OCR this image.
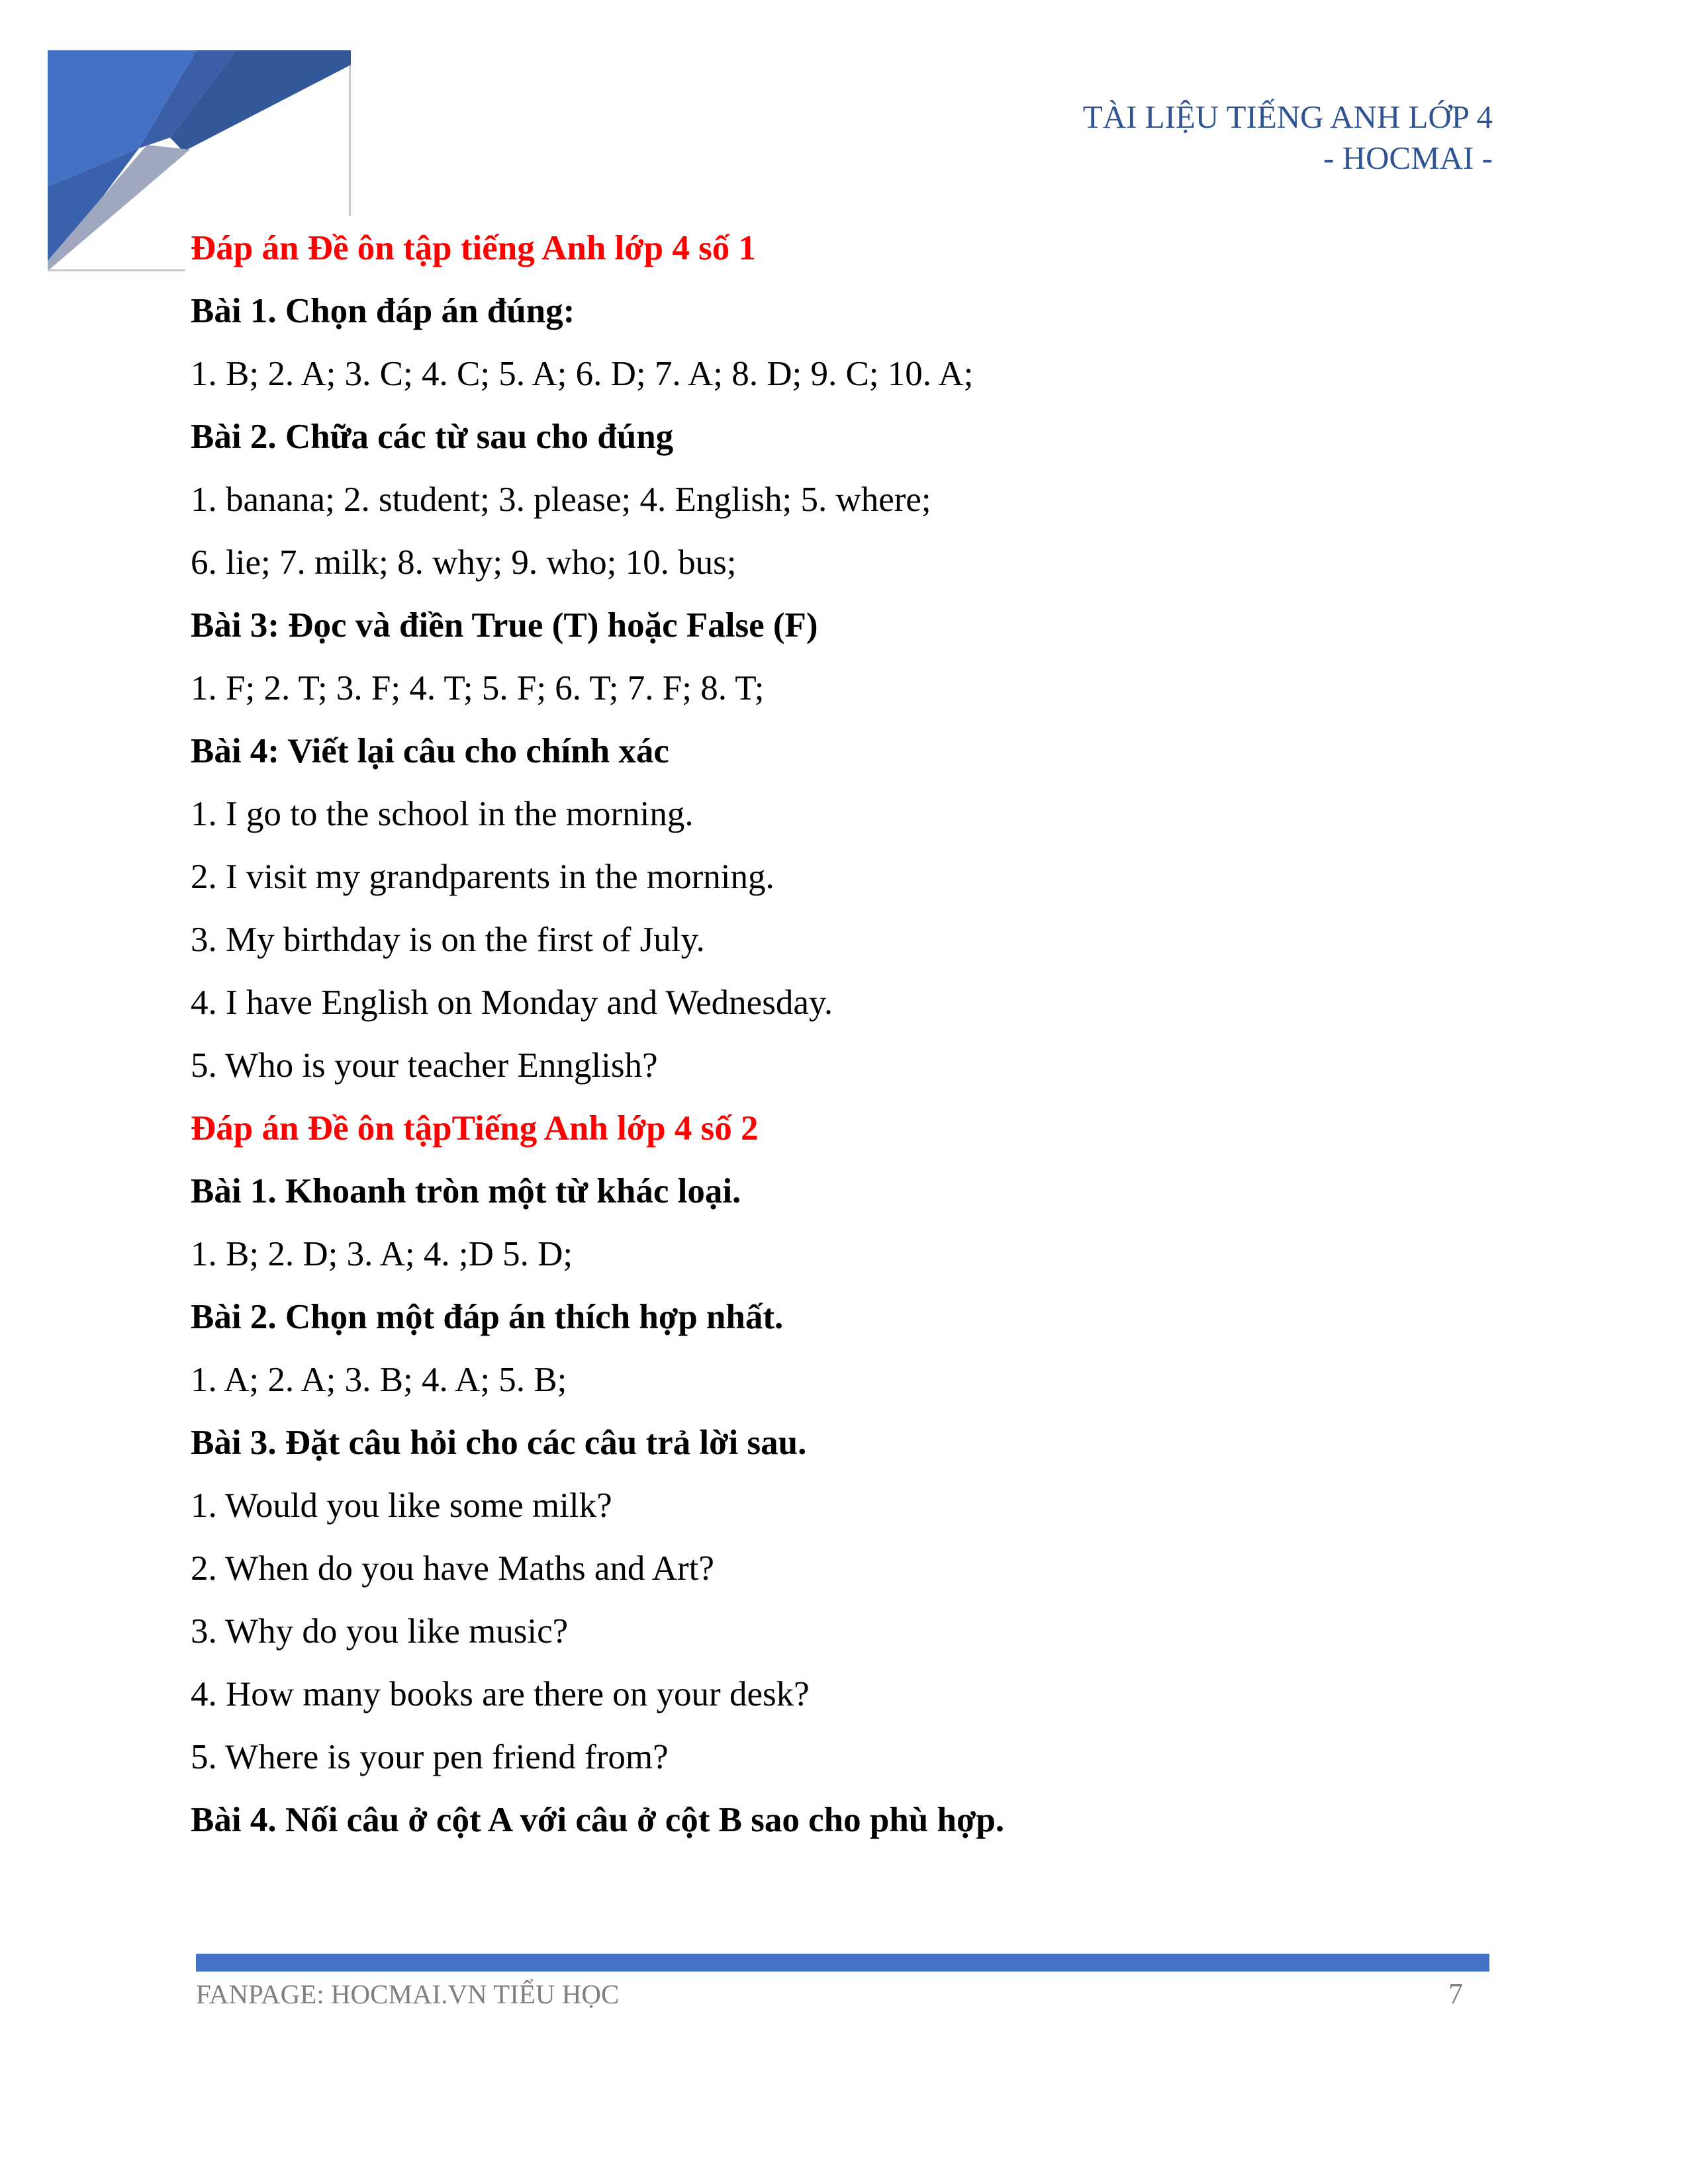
TÀI LIỆU TIẾNG ANH LỚP 4
- HOCMAI -

Đáp án Đề ôn tập tiếng Anh lớp 4 số 1

Bài 1. Chọn đáp án đúng:

1. B; 2. A; 3. C; 4. C; 5. A; 6. D; 7. A; 8. D; 9. C; 10. A;

Bài 2. Chữa các từ sau cho đúng

1. banana; 2. student; 3. please; 4. English; 5. where;

6. lie; 7. milk; 8. why; 9. who; 10. bus;

Bài 3: Đọc và điền True (T) hoặc False (F)

1. F; 2. T; 3. F; 4. T; 5. F; 6. T; 7. F; 8. T;

Bài 4: Viết lại câu cho chính xác

1. I go to the school in the morning.

2. I visit my grandparents in the morning.

3. My birthday is on the first of July.

4. I have English on Monday and Wednesday.

5. Who is your teacher Ennglish?

Đáp án Đề ôn tậpTiếng Anh lớp 4 số 2

Bài 1. Khoanh tròn một từ khác loại.

1. B; 2. D; 3. A; 4. ;D 5. D;

Bài 2. Chọn một đáp án thích hợp nhất.

1. A; 2. A; 3. B; 4. A; 5. B;

Bài 3. Đặt câu hỏi cho các câu trả lời sau.

1. Would you like some milk?

2. When do you have Maths and Art?

3. Why do you like music?

4. How many books are there on your desk?

5. Where is your pen friend from?

Bài 4. Nối câu ở cột A với câu ở cột B sao cho phù hợp.

FANPAGE: HOCMAI.VN TIỂU HỌC	7
